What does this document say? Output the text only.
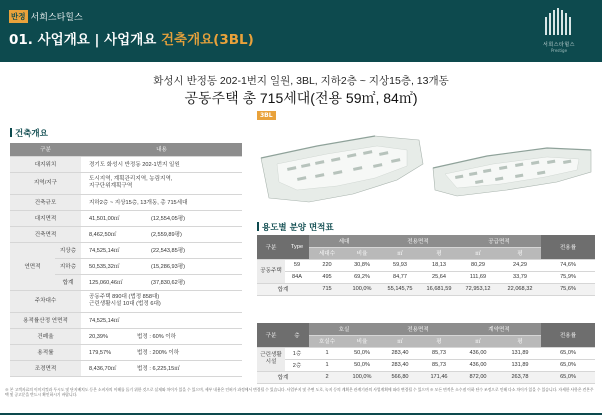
반정 서희스타힐스
01. 사업개요 | 사업개요 건축개요(3BL)	서희스타힐스
Prestige
화성시 반정동 202-1번지 일원, 3BL, 지하2층 ~ 지상15층, 13개동
공동주택 총 715세대(전용 59㎡, 84㎡)
건축개요
구분		내용
대지위치		경기도 화성시 반정동 202-1번지 일원
지역/지구		도시지역, 계획관리지역, 농림지역,
지구단위계획구역

건축규모		지하2층 ~ 지상15층, 13개동, 총 715세대
대지면적		41,501,00㎡ (12,554,05평)
건축면적		8,462,50㎡ (2,559,89평)
연면적	지상층	74,525,14㎡ (22,543,85평)
	지하층	50,535,32㎡ (15,286,93평)
	합계	125,060,46㎡ (37,830,62평)
주차대수		공동주택 890대 (법정 858대)
근린생활시설 10대 (법정 6대)

용적률산정 연면적		74,525,14㎡
건폐율		20,39% 법정 : 60% 이하
용적률		179,57% 법정 : 200% 이하
조경면적		8,436,70㎡ 법정 : 6,225,15㎡
3BL
용도별 분양 면적표
구분	Type	세대		전용면적		공급면적		전용률
		세대수	비율	㎡	평	㎡	평	
공동주택	59	220	30,8%	59,93	18,13	80,29	24,29	74,6%
	84A	495	69,2%	84,77	25,64	111,69	33,79	75,9%
합계		715	100,0%	55,145,75	16,681,59	72,953,12	22,068,32	75,6%
구분	층	호실		전용면적		계약면적		전용률
		호실수	비율	㎡	평	㎡	평	
근린생활시설	1층	1	50,0%	283,40	85,73	436,00	131,89	65,0%
	2층	1	50,0%	283,40	85,73	436,00	131,89	65,0%
합계		2	100,0%	566,80	171,46	872,00	263,78	65,0%
※ 본 고객자료의 이미지컷과 투시도 및 단지배치도 등은 소비자의 이해를 돕기 위한 것으로 실제와 차이가 있을 수 있으며, 세부 내용은 인허가 과정에서 변경될 수 있습니다. 사업부지 및 주변 도로, 녹지 등의 계획은 관계기관의 사업계획에 따라 변경될 수 있으며 ※ 모든 면적은 소수점 이하 단수 조정으로 인해 다소 차이가 있을 수 있습니다. 자세한 사항은 견본주택 및 공고문을 반드시 확인하시기 바랍니다.
